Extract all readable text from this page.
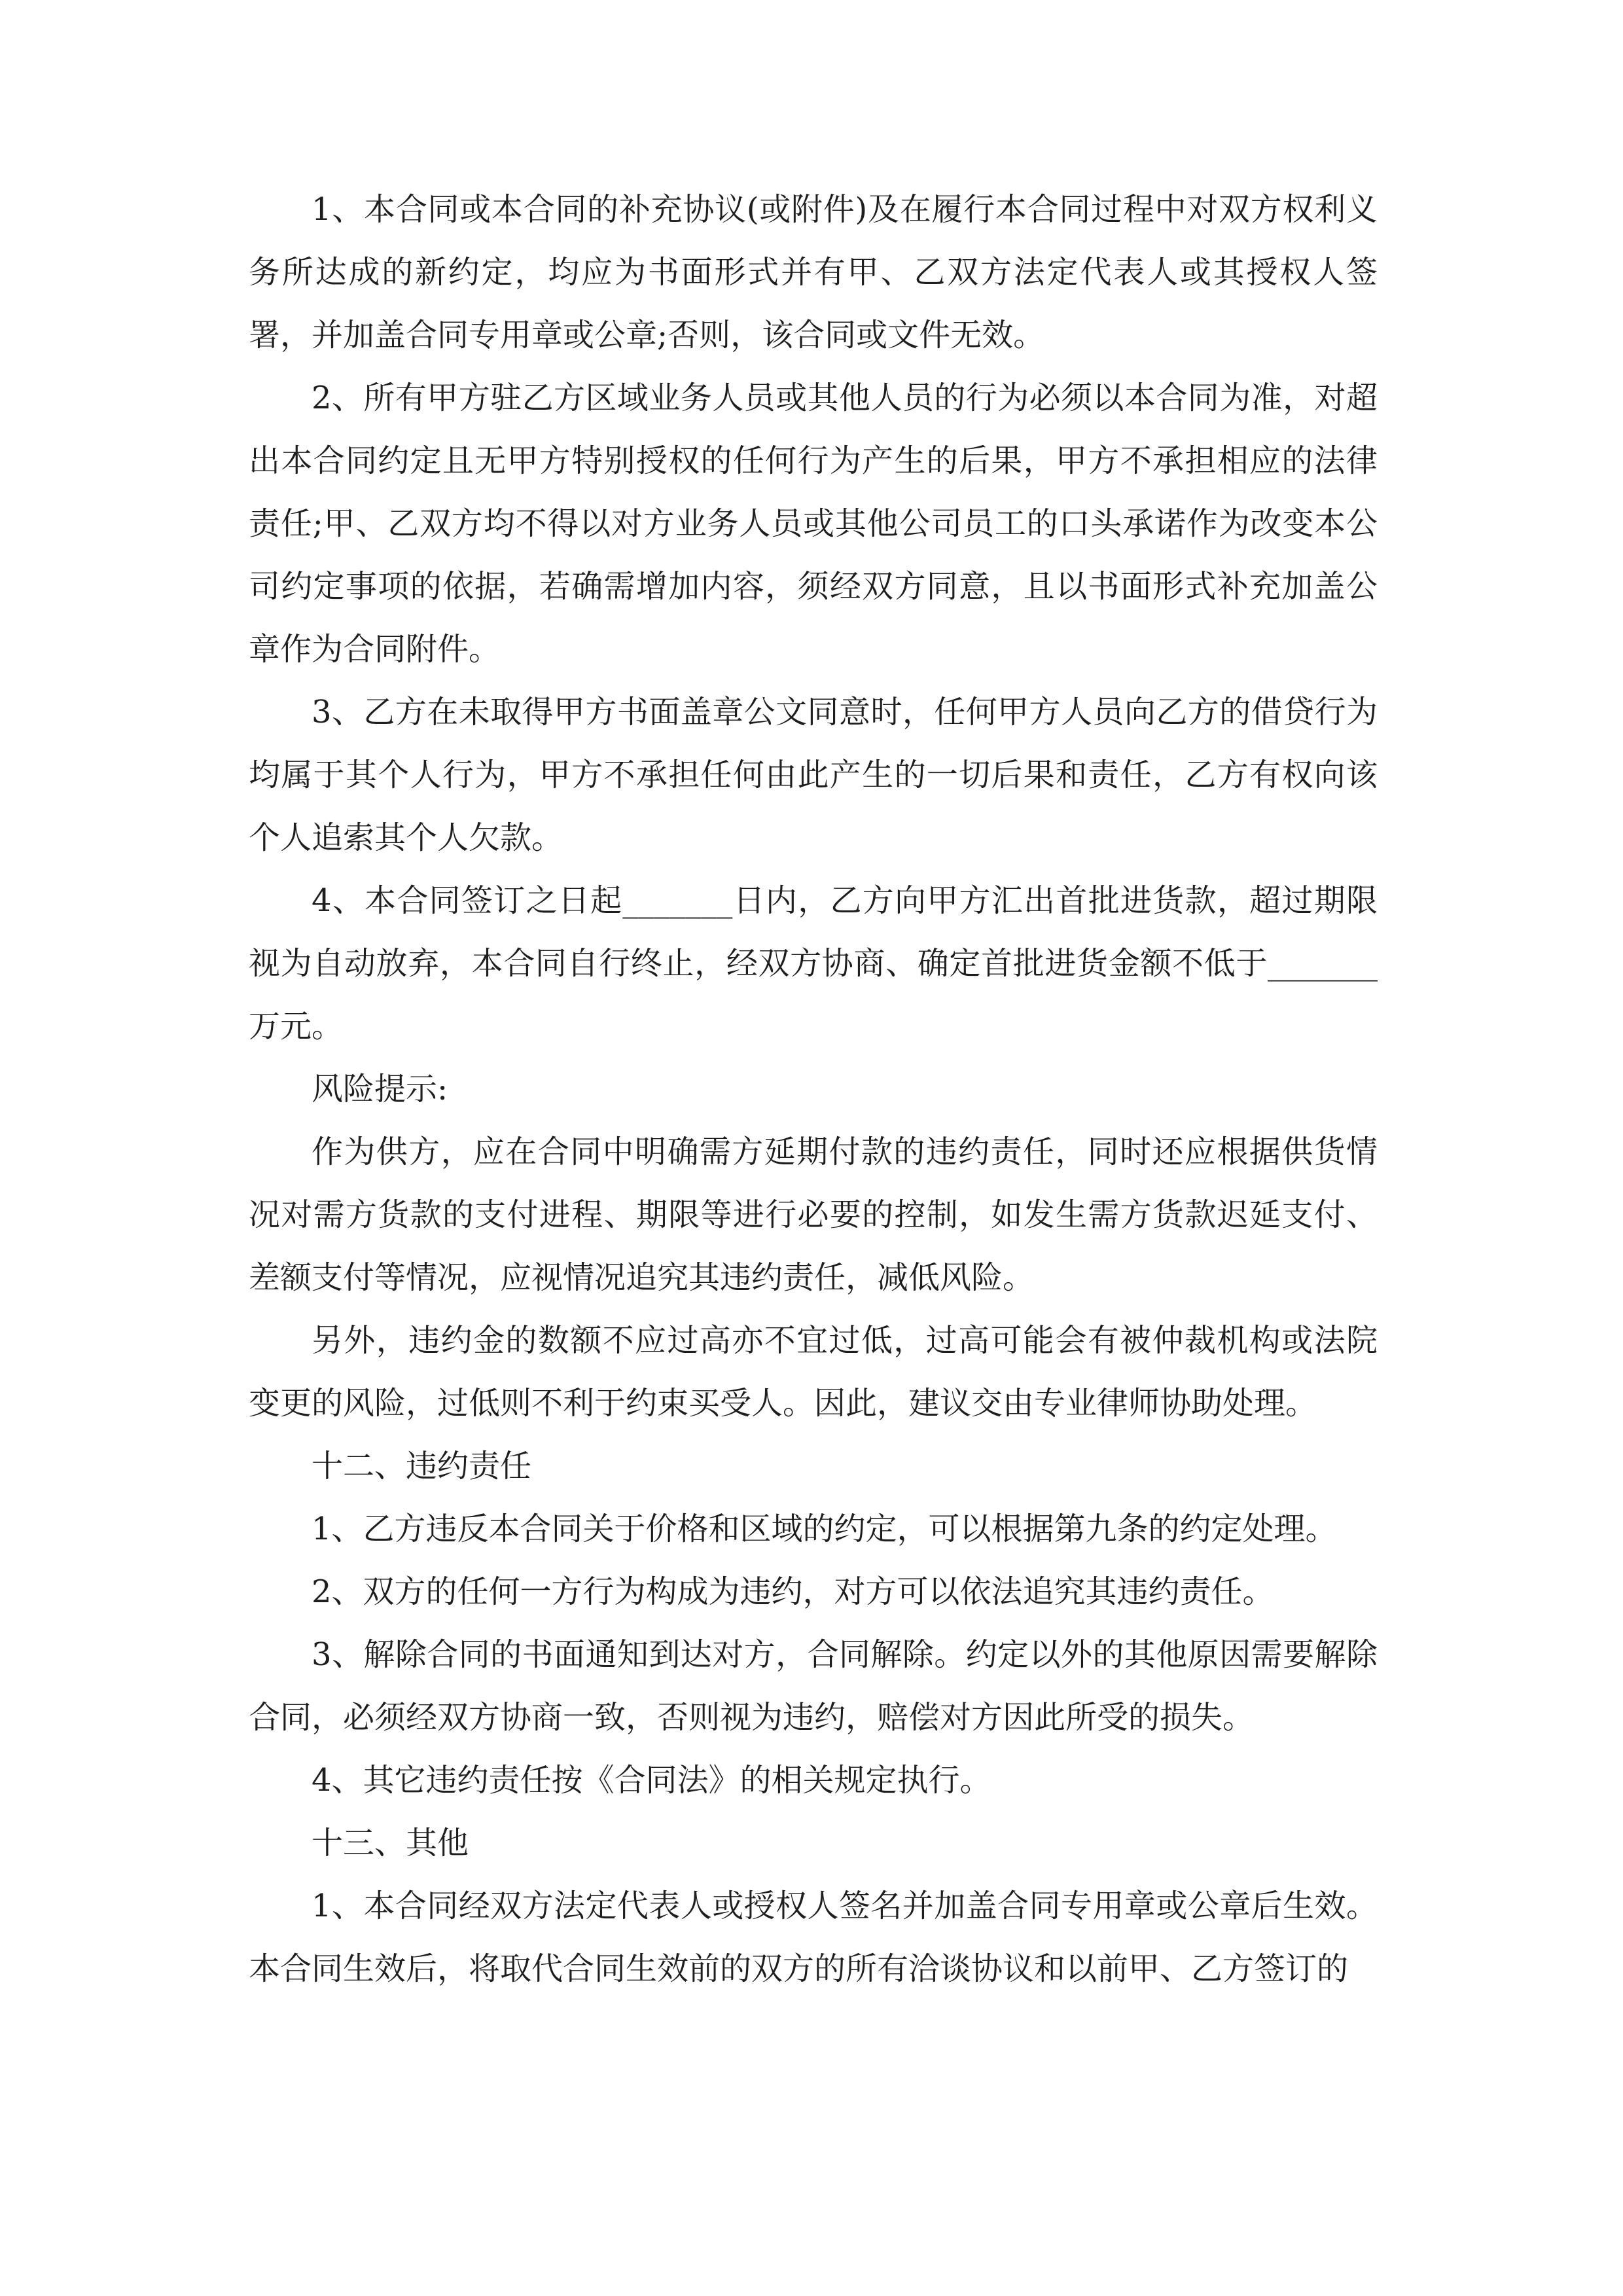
1、本合同或本合同的补充协议(或附件)及在履行本合同过程中对双方权利义务所达成的新约定，均应为书面形式并有甲、乙双方法定代表人或其授权人签署，并加盖合同专用章或公章;否则，该合同或文件无效。

2、所有甲方驻乙方区域业务人员或其他人员的行为必须以本合同为准，对超出本合同约定且无甲方特别授权的任何行为产生的后果，甲方不承担相应的法律责任;甲、乙双方均不得以对方业务人员或其他公司员工的口头承诺作为改变本公司约定事项的依据，若确需增加内容，须经双方同意，且以书面形式补充加盖公章作为合同附件。

3、乙方在未取得甲方书面盖章公文同意时，任何甲方人员向乙方的借贷行为均属于其个人行为，甲方不承担任何由此产生的一切后果和责任，乙方有权向该个人追索其个人欠款。

4、本合同签订之日起_______日内，乙方向甲方汇出首批进货款，超过期限视为自动放弃，本合同自行终止，经双方协商、确定首批进货金额不低于_______万元。

风险提示:

作为供方，应在合同中明确需方延期付款的违约责任，同时还应根据供货情况对需方货款的支付进程、期限等进行必要的控制，如发生需方货款迟延支付、差额支付等情况，应视情况追究其违约责任，减低风险。

另外，违约金的数额不应过高亦不宜过低，过高可能会有被仲裁机构或法院变更的风险，过低则不利于约束买受人。因此，建议交由专业律师协助处理。

十二、违约责任

1、乙方违反本合同关于价格和区域的约定，可以根据第九条的约定处理。

2、双方的任何一方行为构成为违约，对方可以依法追究其违约责任。

3、解除合同的书面通知到达对方，合同解除。约定以外的其他原因需要解除合同，必须经双方协商一致，否则视为违约，赔偿对方因此所受的损失。

4、其它违约责任按《合同法》的相关规定执行。

十三、其他

1、本合同经双方法定代表人或授权人签名并加盖合同专用章或公章后生效。本合同生效后，将取代合同生效前的双方的所有洽谈协议和以前甲、乙方签订的
